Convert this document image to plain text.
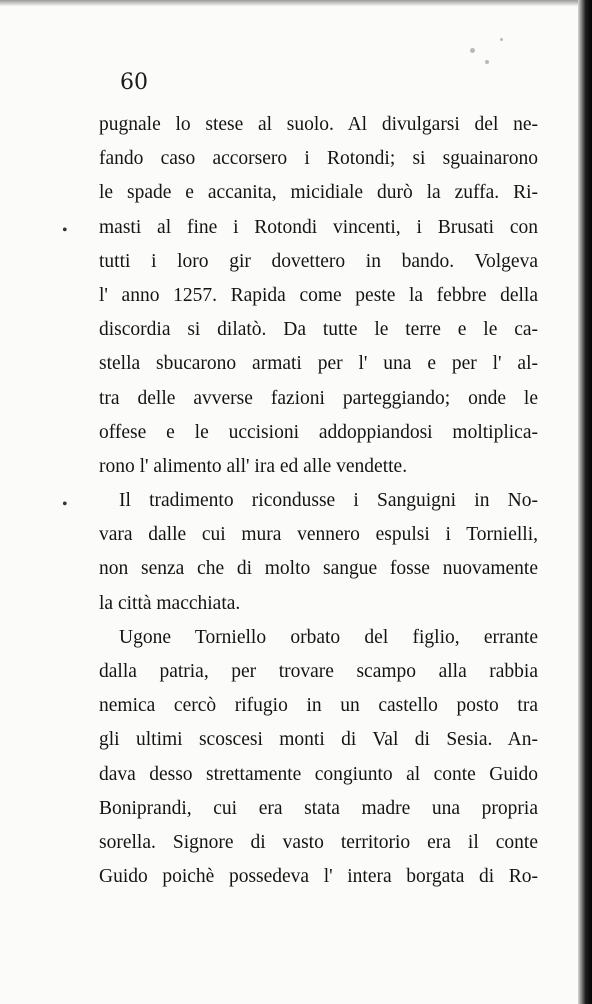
60
•
•
pugnale lo stese al suolo. Al divulgarsi del ne-
fando caso accorsero i Rotondi; si sguainarono
le spade e accanita, micidiale durò la zuffa. Ri-
masti al fine i Rotondi vincenti, i Brusati con
tutti i loro gir dovettero in bando. Volgeva
l' anno 1257. Rapida come peste la febbre della
discordia si dilatò. Da tutte le terre e le ca-
stella sbucarono armati per l' una e per l' al-
tra delle avverse fazioni parteggiando; onde le
offese e le uccisioni addoppiandosi moltiplica-
rono l' alimento all' ira ed alle vendette.
Il tradimento ricondusse i Sanguigni in No-
vara dalle cui mura vennero espulsi i Tornielli,
non senza che di molto sangue fosse nuovamente
la città macchiata.
Ugone Torniello orbato del figlio, errante
dalla patria, per trovare scampo alla rabbia
nemica cercò rifugio in un castello posto tra
gli ultimi scoscesi monti di Val di Sesia. An-
dava desso strettamente congiunto al conte Guido
Boniprandi, cui era stata madre una propria
sorella. Signore di vasto territorio era il conte
Guido poichè possedeva l' intera borgata di Ro-
